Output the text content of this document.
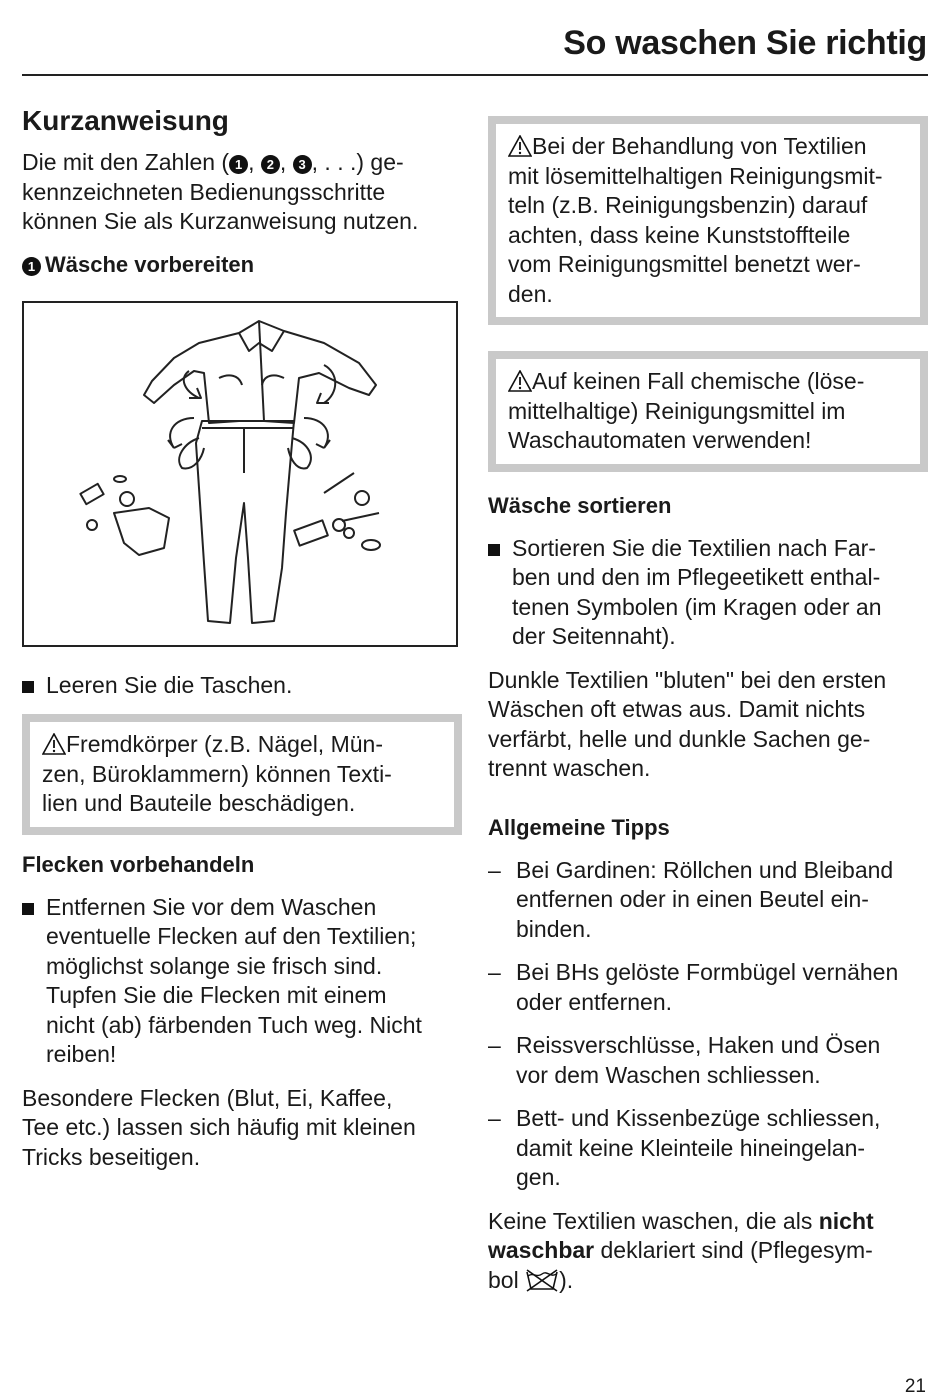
So waschen Sie richtig
Kurzanweisung

Die mit den Zahlen ( 1 , 2 , 3 , . . .) ge-
kennzeichneten Bedienungsschritte
können Sie als Kurzanweisung nutzen.

1 Wäsche vorbereiten
Leeren Sie die Taschen.
Fremdkörper (z.B. Nägel, Mün-
zen, Büroklammern) können Texti-
lien und Bauteile beschädigen.
Flecken vorbehandeln
Entfernen Sie vor dem Waschen
eventuelle Flecken auf den Textilien;
möglichst solange sie frisch sind.
Tupfen Sie die Flecken mit einem
nicht (ab) färbenden Tuch weg. Nicht
reiben!

Besondere Flecken (Blut, Ei, Kaffee,
Tee etc.) lassen sich häufig mit kleinen
Tricks beseitigen.

Bei der Behandlung von Textilien
mit lösemittelhaltigen Reinigungsmit-
teln (z.B. Reinigungsbenzin) darauf
achten, dass keine Kunststoffteile
vom Reinigungsmittel benetzt wer-
den.
Auf keinen Fall chemische (löse-
mittelhaltige) Reinigungsmittel im
Waschautomaten verwenden!
Wäsche sortieren
Sortieren Sie die Textilien nach Far-
ben und den im Pflegeetikett enthal-
tenen Symbolen (im Kragen oder an
der Seitennaht).

Dunkle Textilien "bluten" bei den ersten
Wäschen oft etwas aus. Damit nichts
verfärbt, helle und dunkle Sachen ge-
trennt waschen.

Allgemeine Tipps
– Bei Gardinen: Röllchen und Bleiband
entfernen oder in einen Beutel ein-
binden.
– Bei BHs gelöste Formbügel vernähen
oder entfernen.
– Reissverschlüsse, Haken und Ösen
vor dem Waschen schliessen.
– Bett- und Kissenbezüge schliessen,
damit keine Kleinteile hineingelan-
gen.

Keine Textilien waschen, die als nicht
waschbar deklariert sind (Pflegesym-
bol ).

21
